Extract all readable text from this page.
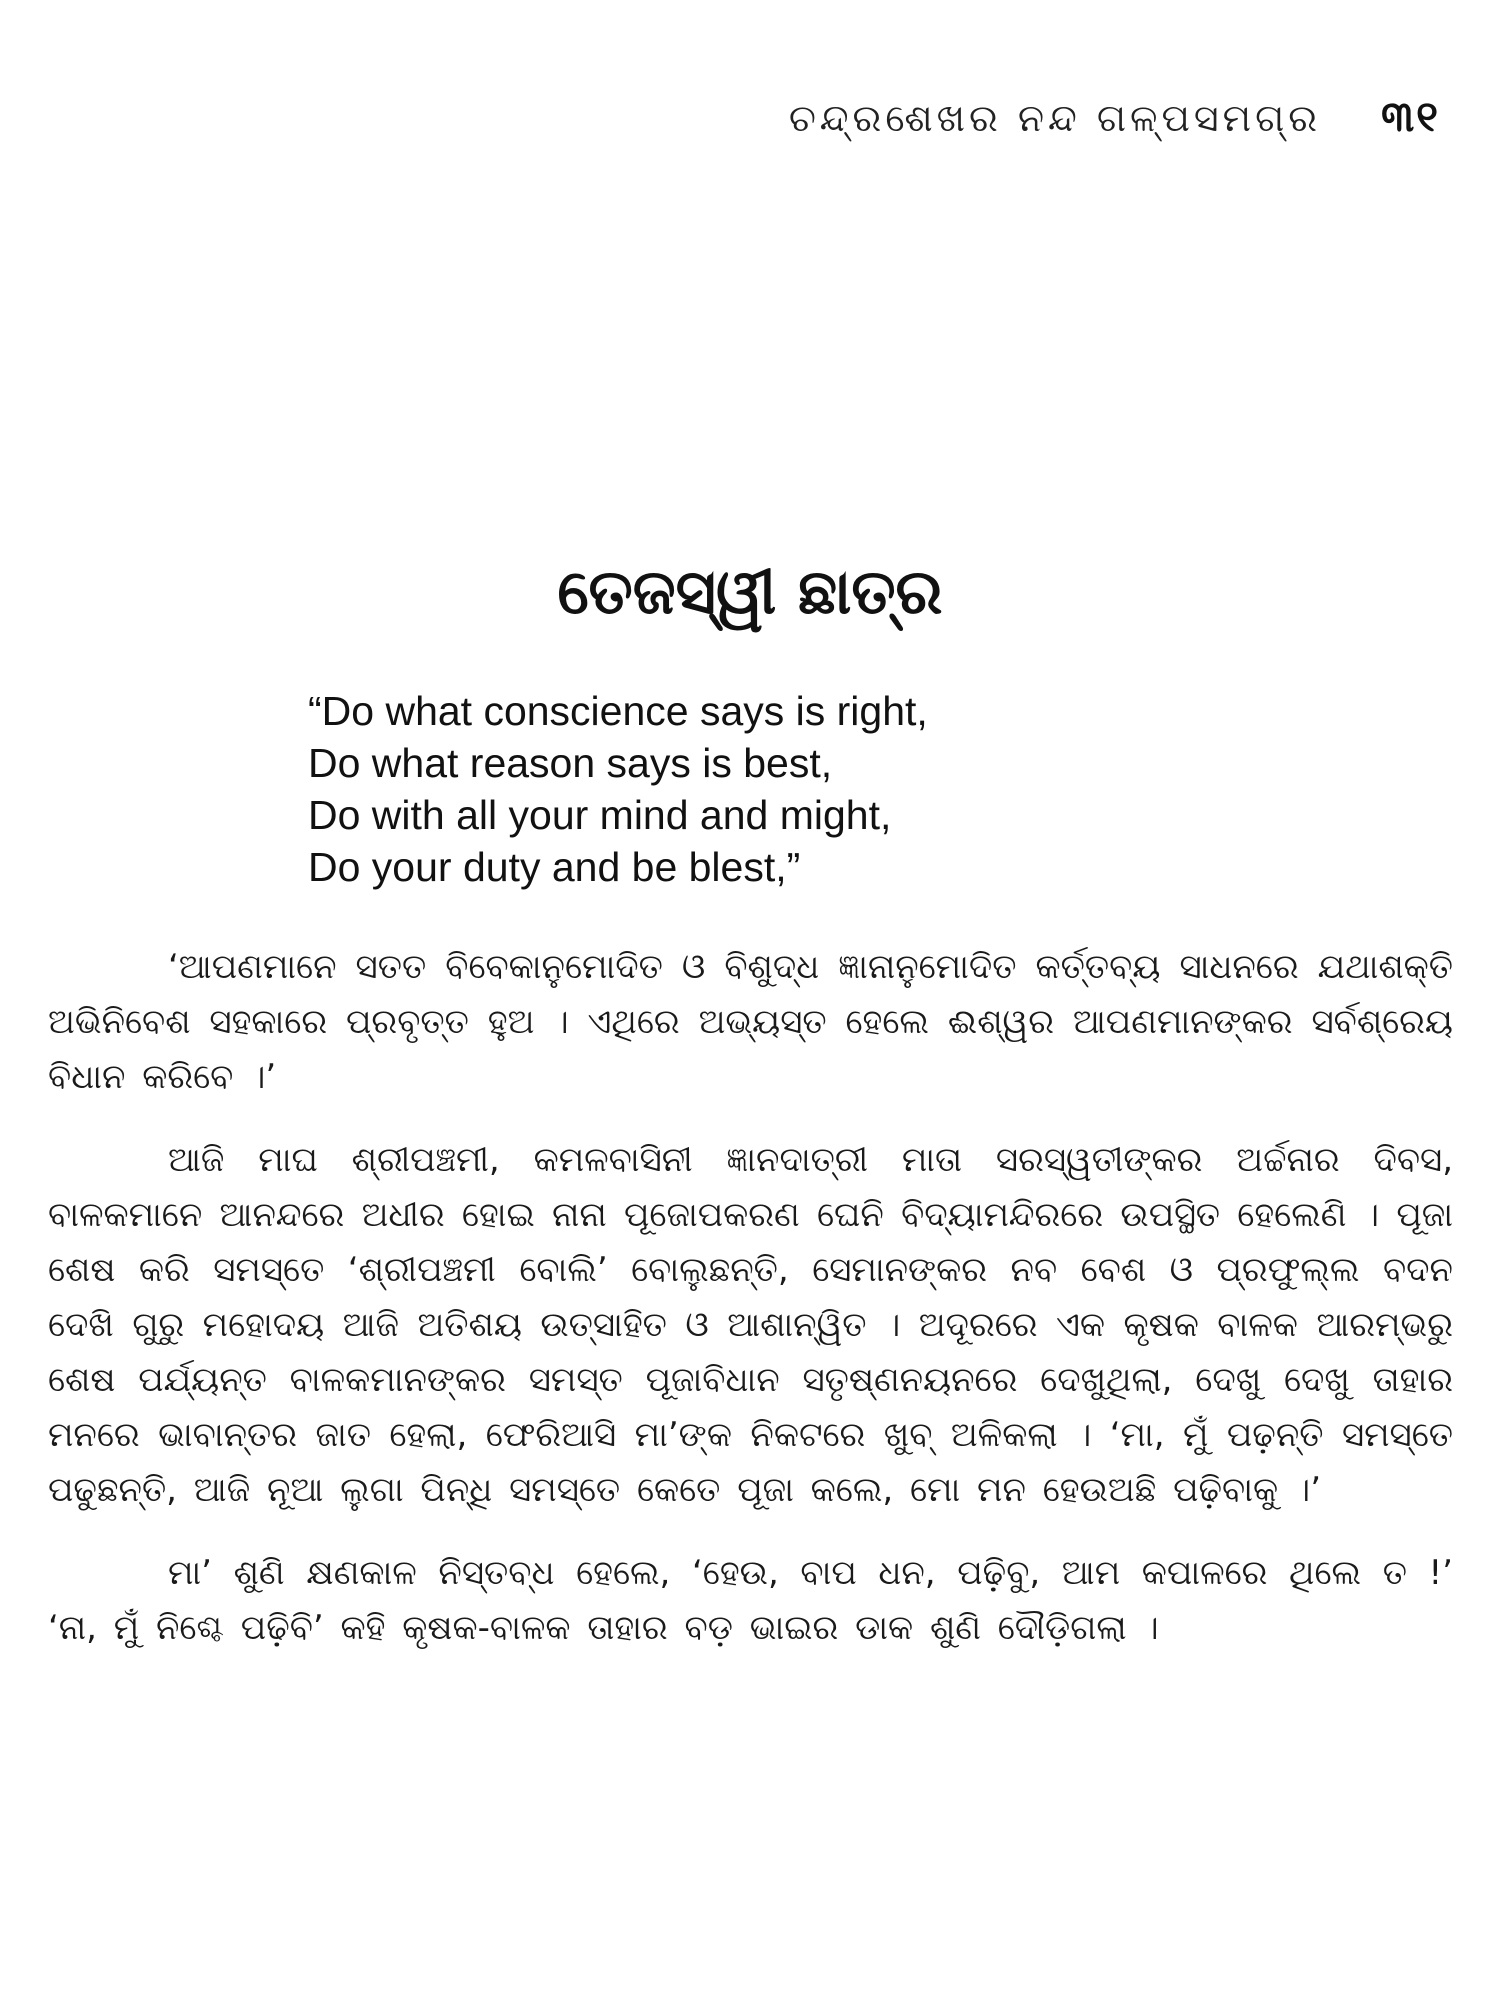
ଚନ୍ଦ୍ରଶେଖର ନନ୍ଦ ଗଳ୍ପସମଗ୍ର ୩୧
ତେଜସ୍ୱୀ ଛାତ୍ର
“Do what conscience says is right,
Do what reason says is best,
Do with all your mind and might,
Do your duty and be blest,”

‘ଆପଣମାନେ ସତତ ବିବେକାନୁମୋଦିତ ଓ ବିଶୁଦ୍ଧ ଜ୍ଞାନାନୁମୋଦିତ କର୍ତ୍ତବ୍ୟ ସାଧନରେ ଯଥାଶକ୍ତି ଅଭିନିବେଶ ସହକାରେ ପ୍ରବୃତ୍ତ ହୁଅ । ଏଥିରେ ଅଭ୍ୟସ୍ତ ହେଲେ ଈଶ୍ୱର ଆପଣମାନଙ୍କର ସର୍ବଶ୍ରେୟ ବିଧାନ କରିବେ ।’

ଆଜି ମାଘ ଶ୍ରୀପଞ୍ଚମୀ, କମଳବାସିନୀ ଜ୍ଞାନଦାତ୍ରୀ ମାତା ସରସ୍ୱତୀଙ୍କର ଅର୍ଚ୍ଚନାର ଦିବସ, ବାଳକମାନେ ଆନନ୍ଦରେ ଅଧୀର ହୋଇ ନାନା ପୂଜୋପକରଣ ଘେନି ବିଦ୍ୟାମନ୍ଦିରରେ ଉପସ୍ଥିତ ହେଲେଣି । ପୂଜା ଶେଷ କରି ସମସ୍ତେ ‘ଶ୍ରୀପଞ୍ଚମୀ ବୋଲି’ ବୋଲୁଛନ୍ତି, ସେମାନଙ୍କର ନବ ବେଶ ଓ ପ୍ରଫୁଲ୍ଲ ବଦନ ଦେଖି ଗୁରୁ ମହୋଦୟ ଆଜି ଅତିଶୟ ଉତ୍ସାହିତ ଓ ଆଶାନ୍ୱିତ । ଅଦୂରରେ ଏକ କୃଷକ ବାଳକ ଆରମ୍ଭରୁ ଶେଷ ପର୍ଯ୍ୟନ୍ତ ବାଳକମାନଙ୍କର ସମସ୍ତ ପୂଜାବିଧାନ ସତୃଷ୍ଣନୟନରେ ଦେଖୁଥିଲା, ଦେଖୁ ଦେଖୁ ତାହାର ମନରେ ଭାବାନ୍ତର ଜାତ ହେଲା, ଫେରିଆସି ମା’ଙ୍କ ନିକଟରେ ଖୁବ୍ ଅଳିକଲା । ‘ମା, ମୁଁ ପଢ଼ନ୍ତି ସମସ୍ତେ ପଢୁଛନ୍ତି, ଆଜି ନୂଆ ଲୁଗା ପିନ୍ଧି ସମସ୍ତେ କେତେ ପୂଜା କଲେ, ମୋ ମନ ହେଉଅଛି ପଢ଼ିବାକୁ ।’

ମା’ ଶୁଣି କ୍ଷଣକାଳ ନିସ୍ତବ୍ଧ ହେଲେ, ‘ହେଉ, ବାପ ଧନ, ପଢ଼ିବୁ, ଆମ କପାଳରେ ଥିଲେ ତ !’ ‘ନା, ମୁଁ ନିଶ୍ଚେ ପଢ଼ିବି’ କହି କୃଷକ-ବାଳକ ତାହାର ବଡ଼ ଭାଇର ଡାକ ଶୁଣି ଦୌଡ଼ିଗଲା ।
